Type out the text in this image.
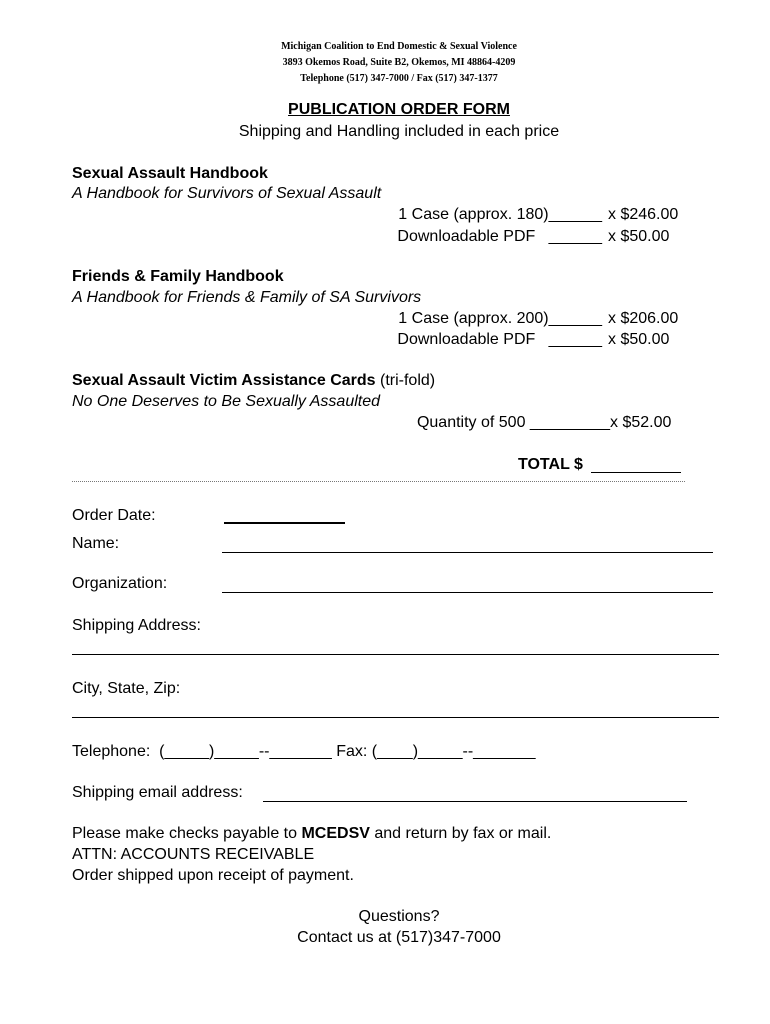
Michigan Coalition to End Domestic & Sexual Violence
3893 Okemos Road, Suite B2, Okemos, MI 48864-4209
Telephone (517) 347-7000 / Fax (517) 347-1377
PUBLICATION ORDER FORM
Shipping and Handling included in each price
Sexual Assault Handbook
A Handbook for Survivors of Sexual Assault
1 Case (approx. 180)______ x $246.00
Downloadable PDF   ______ x $50.00
Friends & Family Handbook
A Handbook for Friends & Family of SA Survivors
1 Case (approx. 200)______ x $206.00
Downloadable PDF   ______ x $50.00
Sexual Assault Victim Assistance Cards (tri-fold)
No One Deserves to Be Sexually Assaulted
Quantity of 500 _________ x $52.00
TOTAL $
Order Date:
Name:
Organization:
Shipping Address:
City, State, Zip:
Telephone:  (_____)_____--_______ Fax: (____)_____--_______
Shipping email address:
Please make checks payable to MCEDSV and return by fax or mail.
ATTN: ACCOUNTS RECEIVABLE
Order shipped upon receipt of payment.
Questions?
Contact us at (517)347-7000
